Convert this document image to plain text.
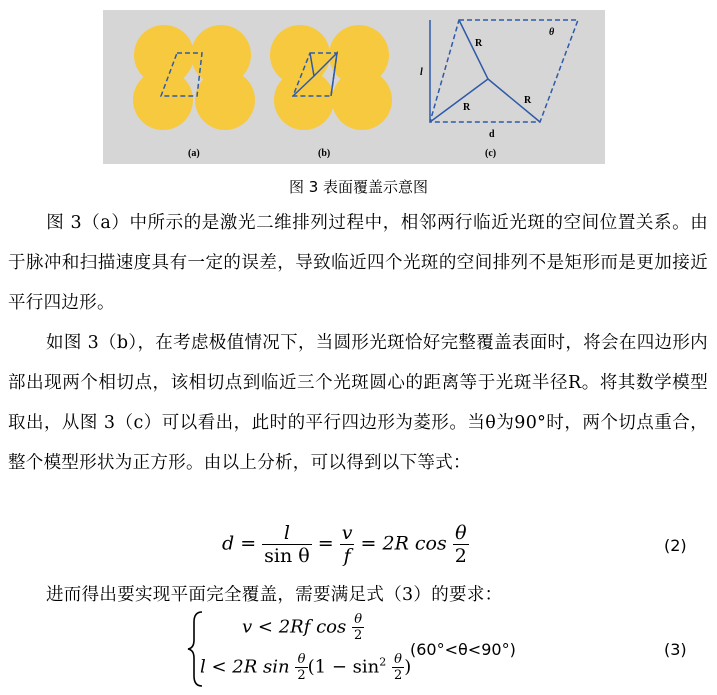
R
R
R
θ
l
d
(a)	(b)	(c)
图 3 表面覆盖示意图
图 3（a）中所示的是激光二维排列过程中，相邻两行临近光斑的空间位置关系。由于脉冲和扫描速度具有一定的误差，导致临近四个光斑的空间排列不是矩形而是更加接近平行四边形。
如图 3（b），在考虑极值情况下，当圆形光斑恰好完整覆盖表面时，将会在四边形内部出现两个相切点，该相切点到临近三个光斑圆心的距离等于光斑半径R。将其数学模型取出，从图 3（c）可以看出，此时的平行四边形为菱形。当θ为90°时，两个切点重合，整个模型形状为正方形。由以上分析，可以得到以下等式：
$d = \frac{l}{\text{sin θ}} = \frac{v}{f} = 2R$ $\cos \frac{\theta}{2}$	(2)
进而得出要实现平面完全覆盖，需要满足式（3）的要求：
v < 2Rf $\cos \frac{\theta}{2}$
l < 2R $\sin \frac{\theta}{2} (1 - \sin^2 \frac{\theta}{2}$ )
(60°<θ<90°)	(3)
